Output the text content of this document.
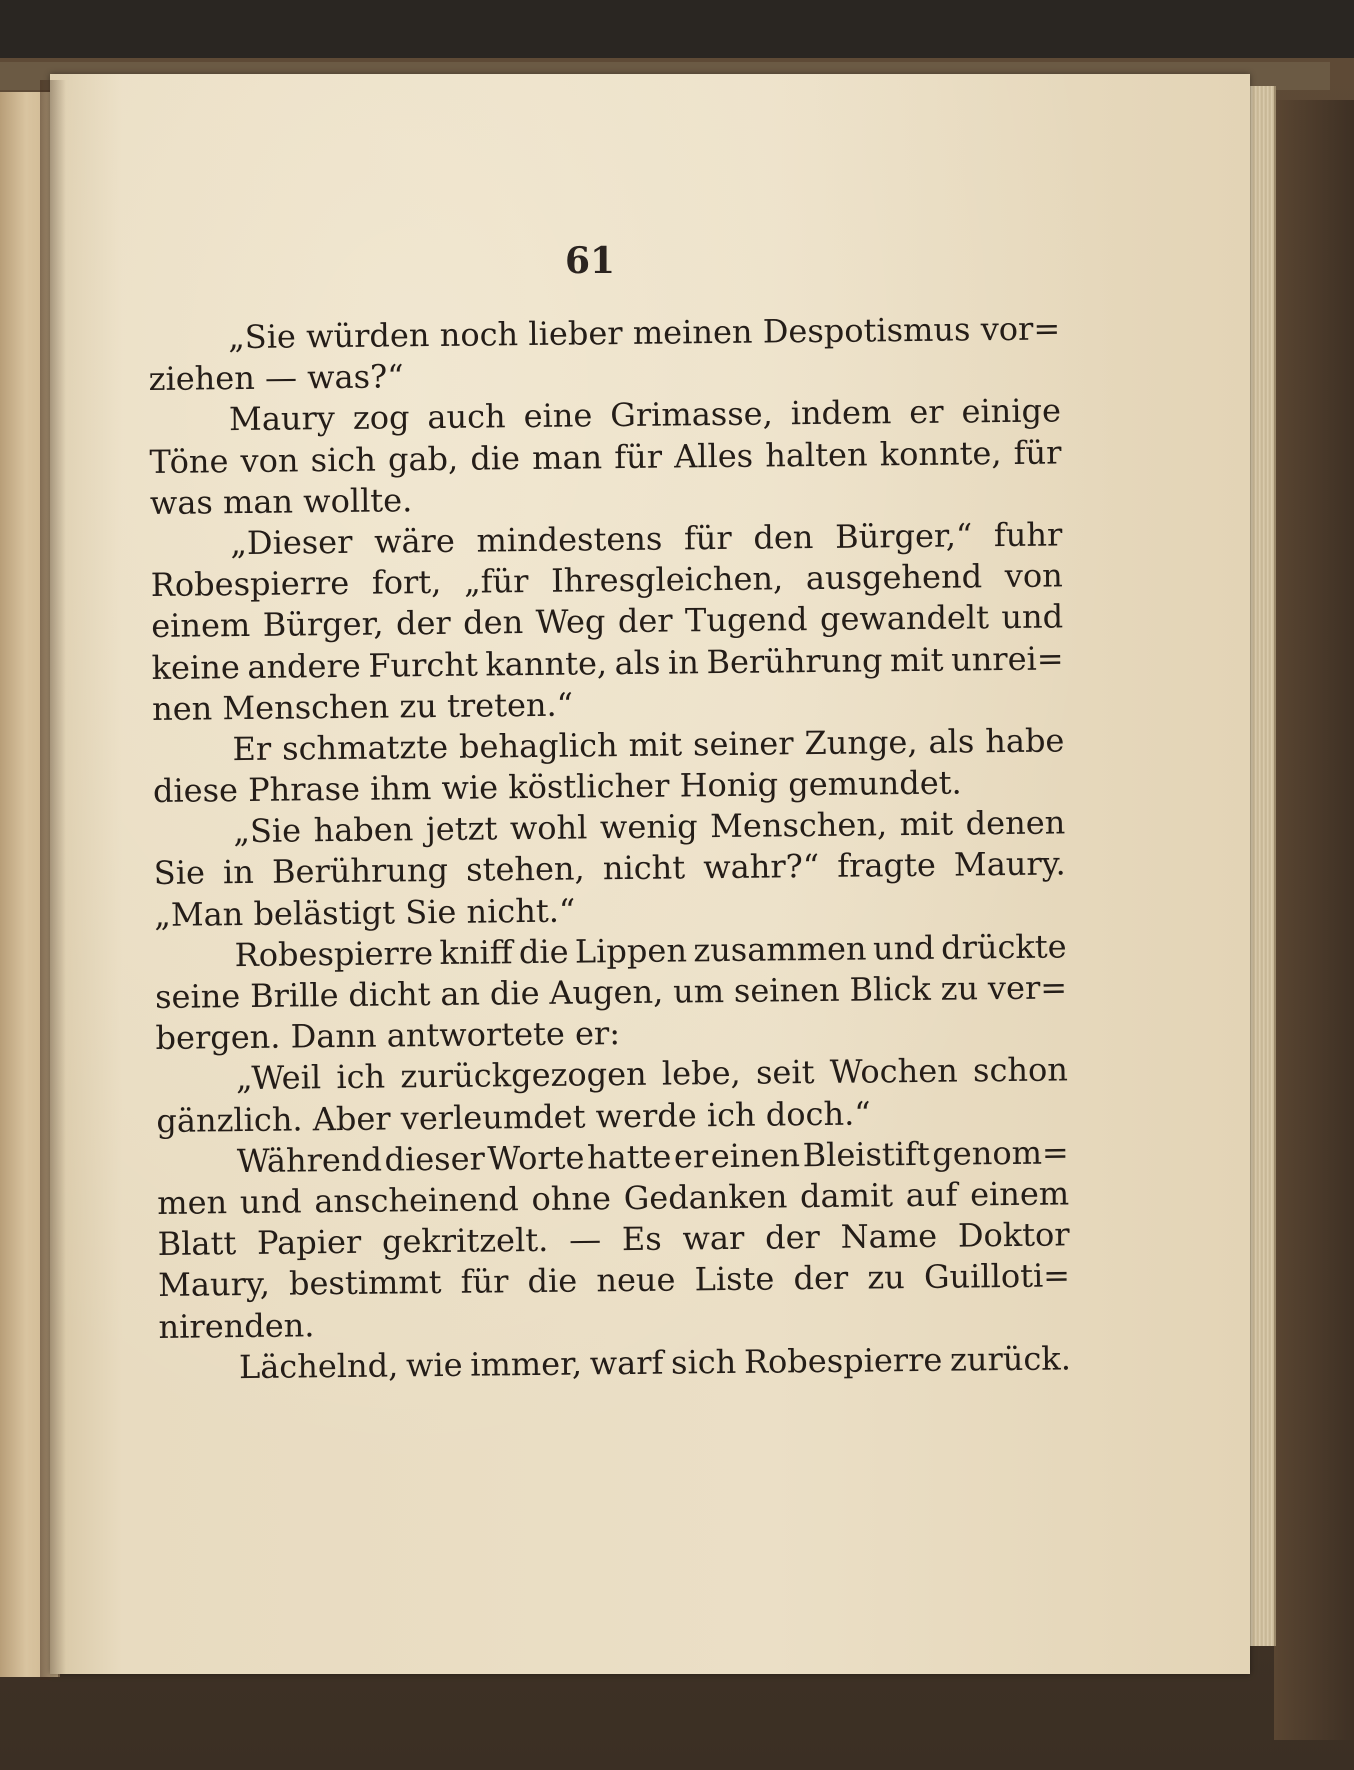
61
„Sie würden noch lieber meinen Despotismus vor=
ziehen — was?“
Maury zog auch eine Grimasse, indem er einige
Töne von sich gab, die man für Alles halten konnte, für
was man wollte.
„Dieser wäre mindestens für den Bürger,“ fuhr
Robespierre fort, „für Ihresgleichen, ausgehend von
einem Bürger, der den Weg der Tugend gewandelt und
keine andere Furcht kannte, als in Berührung mit unrei=
nen Menschen zu treten.“
Er schmatzte behaglich mit seiner Zunge, als habe
diese Phrase ihm wie köstlicher Honig gemundet.
„Sie haben jetzt wohl wenig Menschen, mit denen
Sie in Berührung stehen, nicht wahr?“ fragte Maury.
„Man belästigt Sie nicht.“
Robespierre kniff die Lippen zusammen und drückte
seine Brille dicht an die Augen, um seinen Blick zu ver=
bergen. Dann antwortete er:
„Weil ich zurückgezogen lebe, seit Wochen schon
gänzlich. Aber verleumdet werde ich doch.“
Während dieser Worte hatte er einen Bleistift genom=
men und anscheinend ohne Gedanken damit auf einem
Blatt Papier gekritzelt. — Es war der Name Doktor
Maury, bestimmt für die neue Liste der zu Guilloti=
nirenden.
Lächelnd, wie immer, warf sich Robespierre zurück.
